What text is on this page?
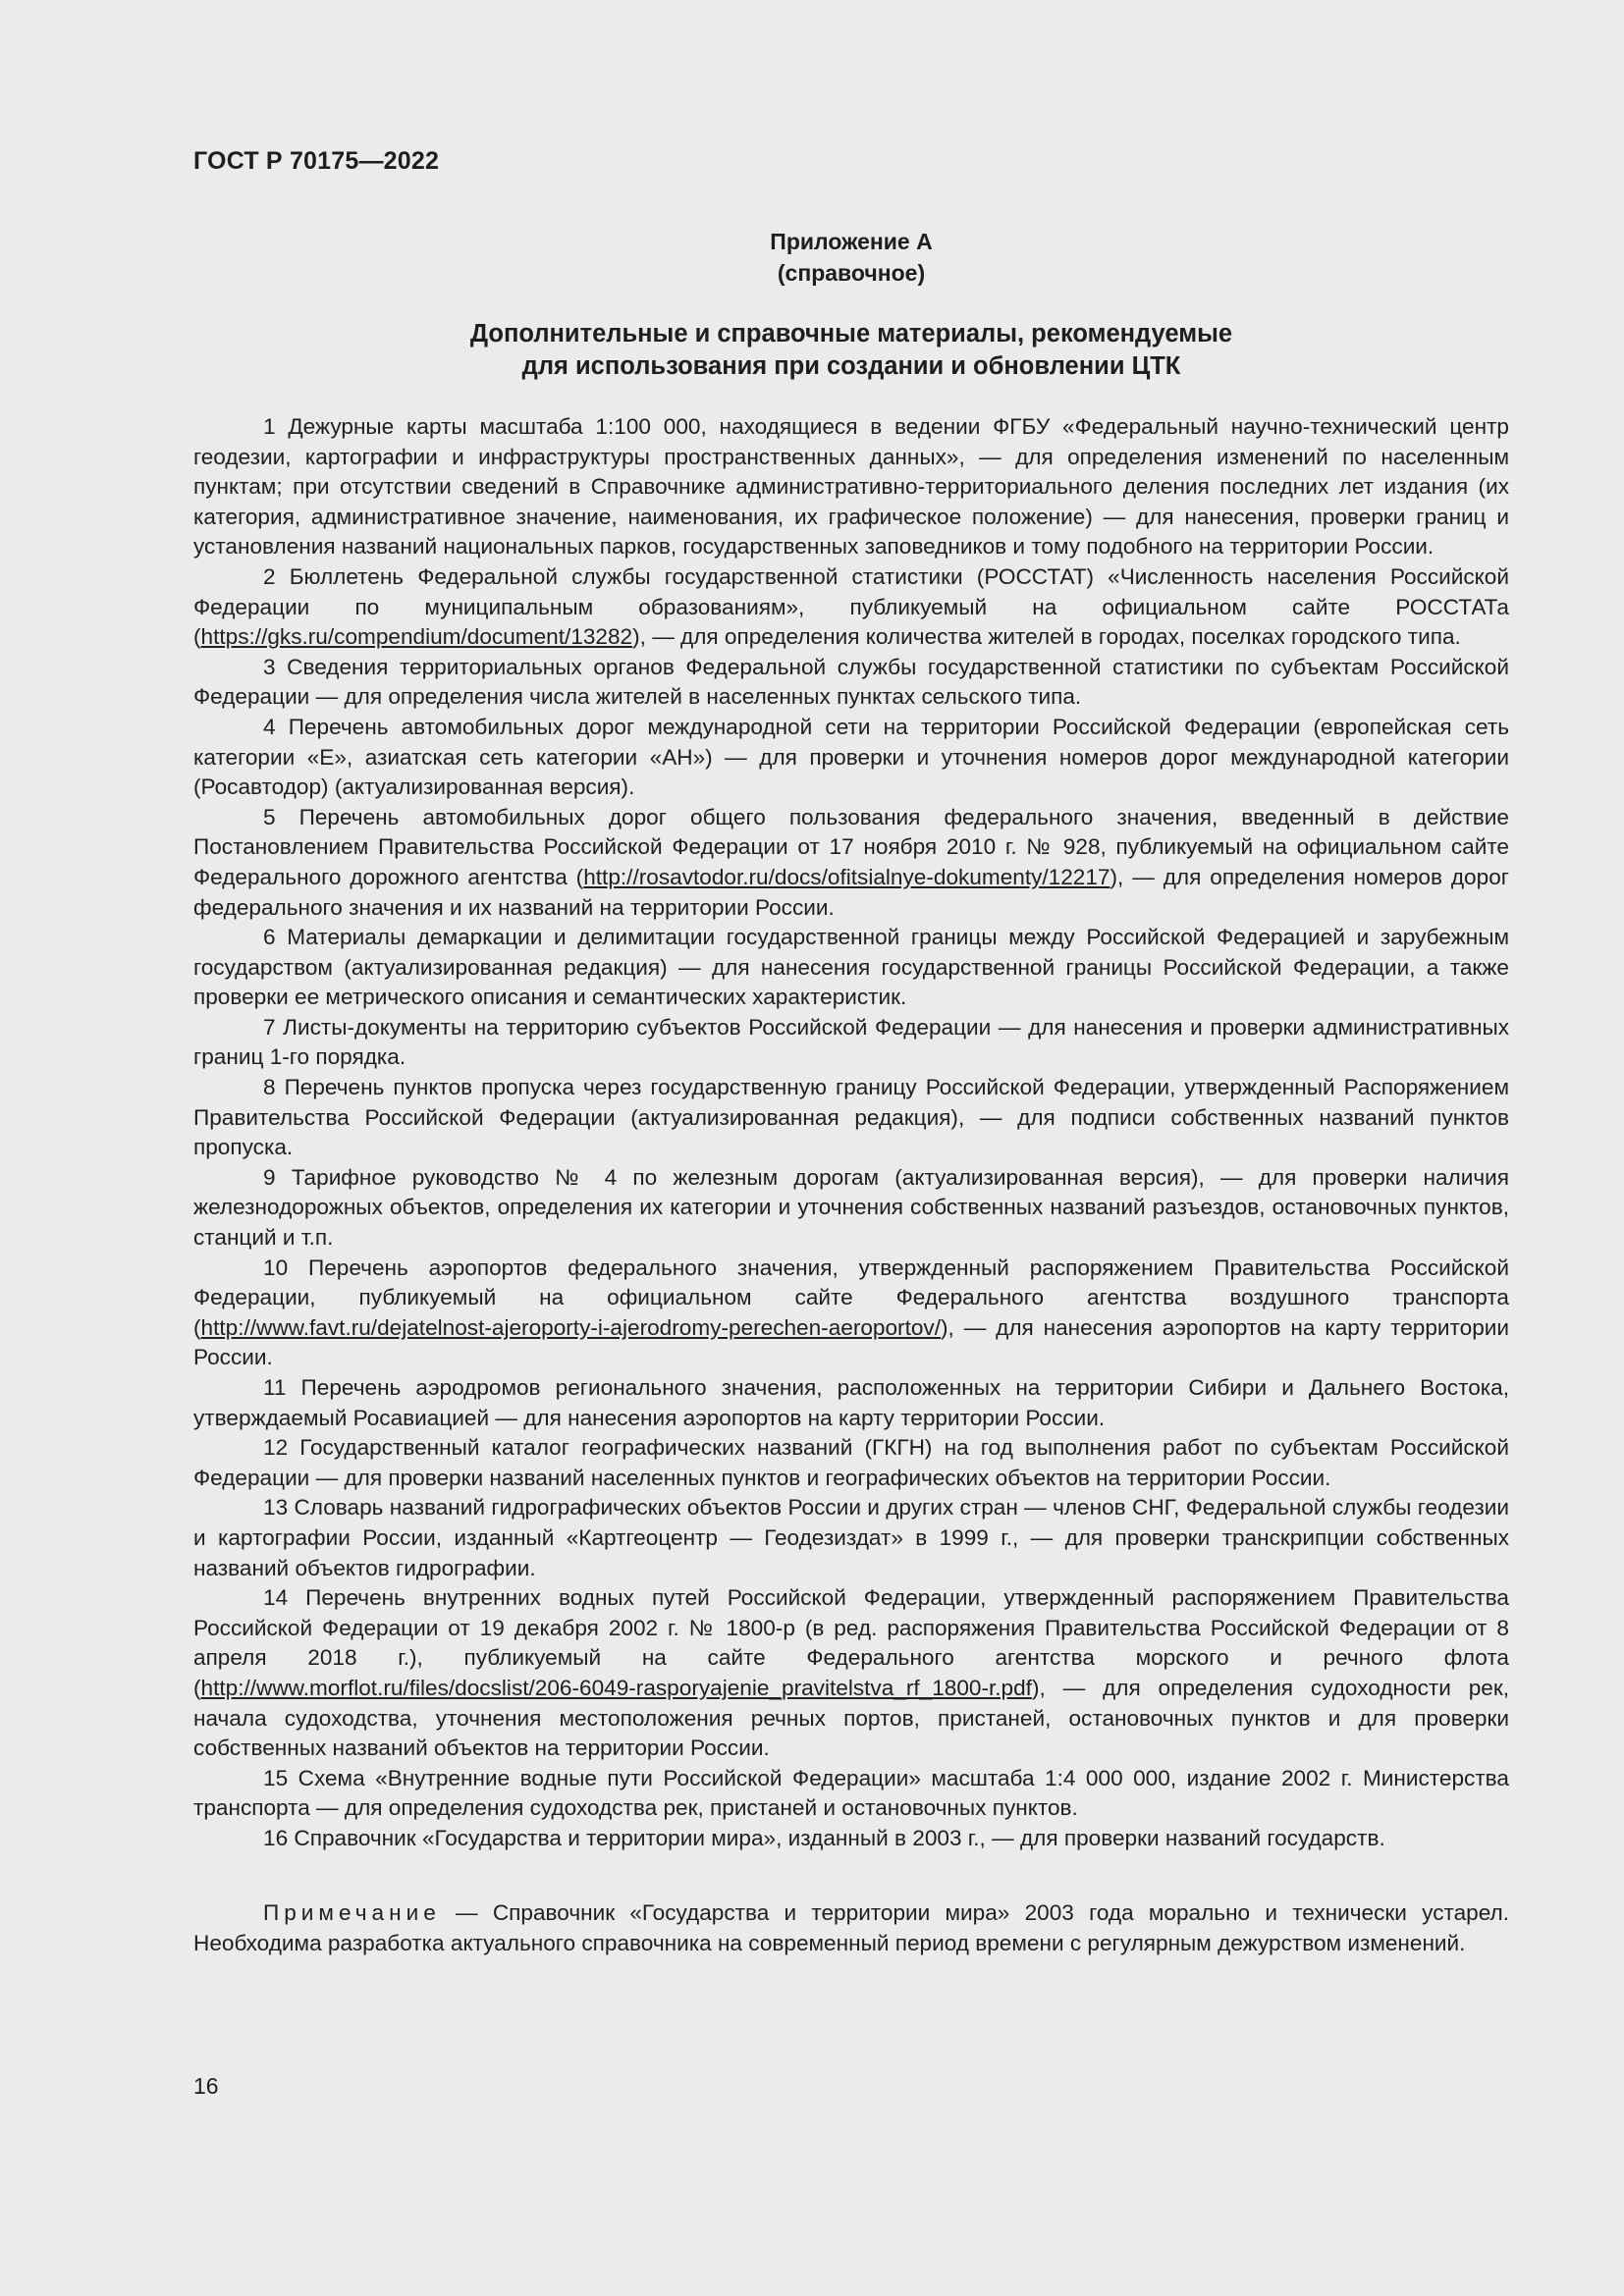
ГОСТ Р 70175—2022

Приложение А
(справочное)
Дополнительные и справочные материалы, рекомендуемые
для использования при создании и обновлении ЦТК

1 Дежурные карты масштаба 1:100 000, находящиеся в ведении ФГБУ «Федеральный научно-технический центр геодезии, картографии и инфраструктуры пространственных данных», — для определения изменений по населенным пунктам; при отсутствии сведений в Справочнике административно-территориального деления последних лет издания (их категория, административное значение, наименования, их графическое положение) — для нанесения, проверки границ и установления названий национальных парков, государственных заповедников и тому подобного на территории России.

2 Бюллетень Федеральной службы государственной статистики (РОССТАТ) «Численность населения Российской Федерации по муниципальным образованиям», публикуемый на официальном сайте РОССТАТа (https://gks.ru/compendium/document/13282), — для определения количества жителей в городах, поселках городского типа.

3 Сведения территориальных органов Федеральной службы государственной статистики по субъектам Российской Федерации — для определения числа жителей в населенных пунктах сельского типа.

4 Перечень автомобильных дорог международной сети на территории Российской Федерации (европейская сеть категории «Е», азиатская сеть категории «АН») — для проверки и уточнения номеров дорог международной категории (Росавтодор) (актуализированная версия).

5 Перечень автомобильных дорог общего пользования федерального значения, введенный в действие Постановлением Правительства Российской Федерации от 17 ноября 2010 г. № 928, публикуемый на официальном сайте Федерального дорожного агентства (http://rosavtodor.ru/docs/ofitsialnye-dokumenty/12217), — для определения номеров дорог федерального значения и их названий на территории России.

6 Материалы демаркации и делимитации государственной границы между Российской Федерацией и зарубежным государством (актуализированная редакция) — для нанесения государственной границы Российской Федерации, а также проверки ее метрического описания и семантических характеристик.

7 Листы-документы на территорию субъектов Российской Федерации — для нанесения и проверки административных границ 1-го порядка.

8 Перечень пунктов пропуска через государственную границу Российской Федерации, утвержденный Распоряжением Правительства Российской Федерации (актуализированная редакция), — для подписи собственных названий пунктов пропуска.

9 Тарифное руководство № 4 по железным дорогам (актуализированная версия), — для проверки наличия железнодорожных объектов, определения их категории и уточнения собственных названий разъездов, остановочных пунктов, станций и т.п.

10 Перечень аэропортов федерального значения, утвержденный распоряжением Правительства Российской Федерации, публикуемый на официальном сайте Федерального агентства воздушного транспорта (http://www.favt.ru/dejatelnost-ajeroporty-i-ajerodromy-perechen-aeroportov/), — для нанесения аэропортов на карту территории России.

11 Перечень аэродромов регионального значения, расположенных на территории Сибири и Дальнего Востока, утверждаемый Росавиацией — для нанесения аэропортов на карту территории России.

12 Государственный каталог географических названий (ГКГН) на год выполнения работ по субъектам Российской Федерации — для проверки названий населенных пунктов и географических объектов на территории России.

13 Словарь названий гидрографических объектов России и других стран — членов СНГ, Федеральной службы геодезии и картографии России, изданный «Картгеоцентр — Геодезиздат» в 1999 г., — для проверки транскрипции собственных названий объектов гидрографии.

14 Перечень внутренних водных путей Российской Федерации, утвержденный распоряжением Правительства Российской Федерации от 19 декабря 2002 г. № 1800-р (в ред. распоряжения Правительства Российской Федерации от 8 апреля 2018 г.), публикуемый на сайте Федерального агентства морского и речного флота (http://www.morflot.ru/files/docslist/206-6049-rasporyajenie_pravitelstva_rf_1800-r.pdf), — для определения судоходности рек, начала судоходства, уточнения местоположения речных портов, пристаней, остановочных пунктов и для проверки собственных названий объектов на территории России.

15 Схема «Внутренние водные пути Российской Федерации» масштаба 1:4 000 000, издание 2002 г. Министерства транспорта — для определения судоходства рек, пристаней и остановочных пунктов.

16 Справочник «Государства и территории мира», изданный в 2003 г., — для проверки названий государств.

Примечание — Справочник «Государства и территории мира» 2003 года морально и технически устарел. Необходима разработка актуального справочника на современный период времени с регулярным дежурством изменений.

16
